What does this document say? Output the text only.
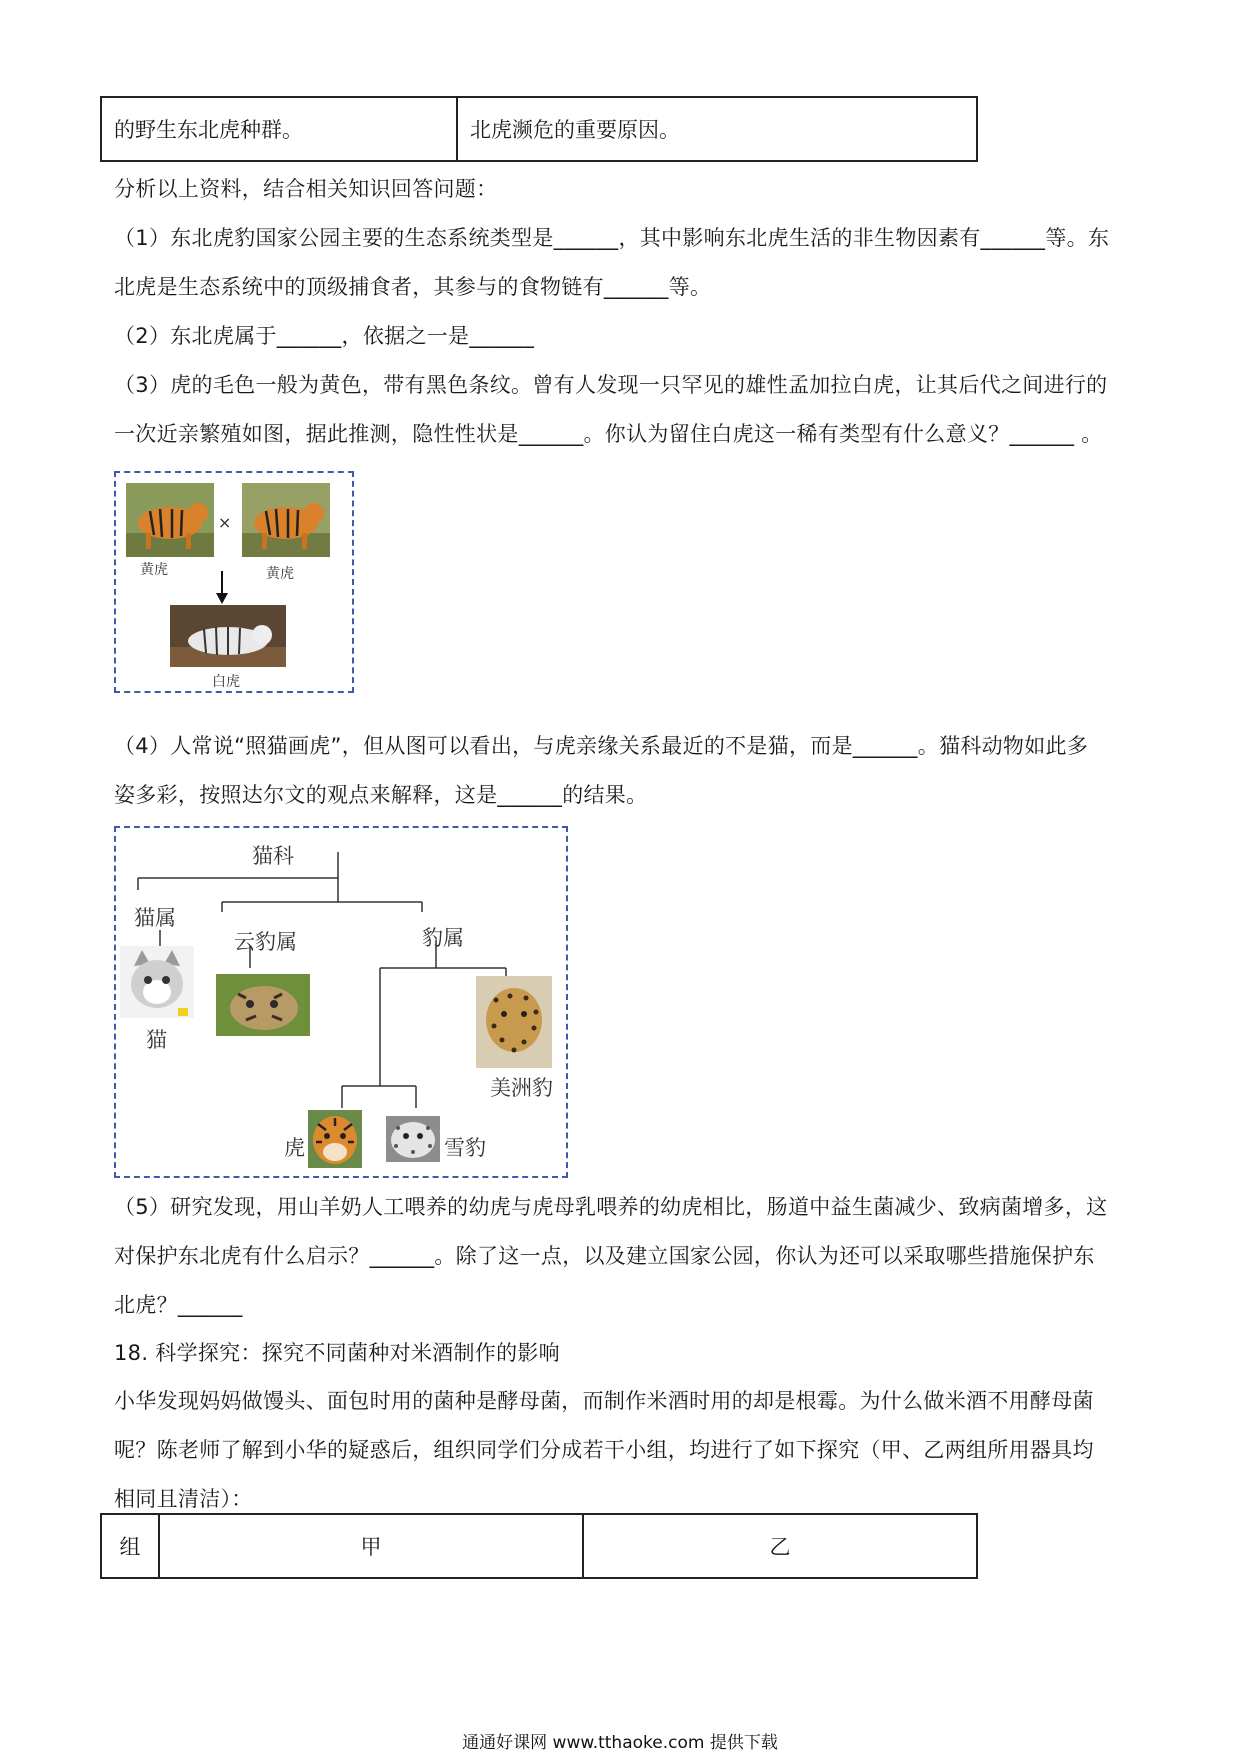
的野生东北虎种群。	北虎濒危的重要原因。
分析以上资料，结合相关知识回答问题：
（1）东北虎豹国家公园主要的生态系统类型是______，其中影响东北虎生活的非生物因素有______等。东
北虎是生态系统中的顶级捕食者，其参与的食物链有______等。
（2）东北虎属于______，依据之一是______
（3）虎的毛色一般为黄色，带有黑色条纹。曾有人发现一只罕见的雄性孟加拉白虎，让其后代之间进行的
一次近亲繁殖如图，据此推测，隐性性状是______。你认为留住白虎这一稀有类型有什么意义？______ 。
黄虎
×
黄虎
白虎
（4）人常说“照猫画虎”，但从图可以看出，与虎亲缘关系最近的不是猫，而是______。猫科动物如此多
姿多彩，按照达尔文的观点来解释，这是______的结果。
猫科
猫属
云豹属	豹属
猫
美洲豹
虎	雪豹
（5）研究发现，用山羊奶人工喂养的幼虎与虎母乳喂养的幼虎相比，肠道中益生菌减少、致病菌增多，这
对保护东北虎有什么启示？______。除了这一点，以及建立国家公园，你认为还可以采取哪些措施保护东
北虎？______
18. 科学探究：探究不同菌种对米酒制作的影响
小华发现妈妈做馒头、面包时用的菌种是酵母菌，而制作米酒时用的却是根霉。为什么做米酒不用酵母菌
呢？陈老师了解到小华的疑惑后，组织同学们分成若干小组，均进行了如下探究（甲、乙两组所用器具均
相同且清洁）：
组	甲	乙
通通好课网 www.tthaoke.com 提供下载
